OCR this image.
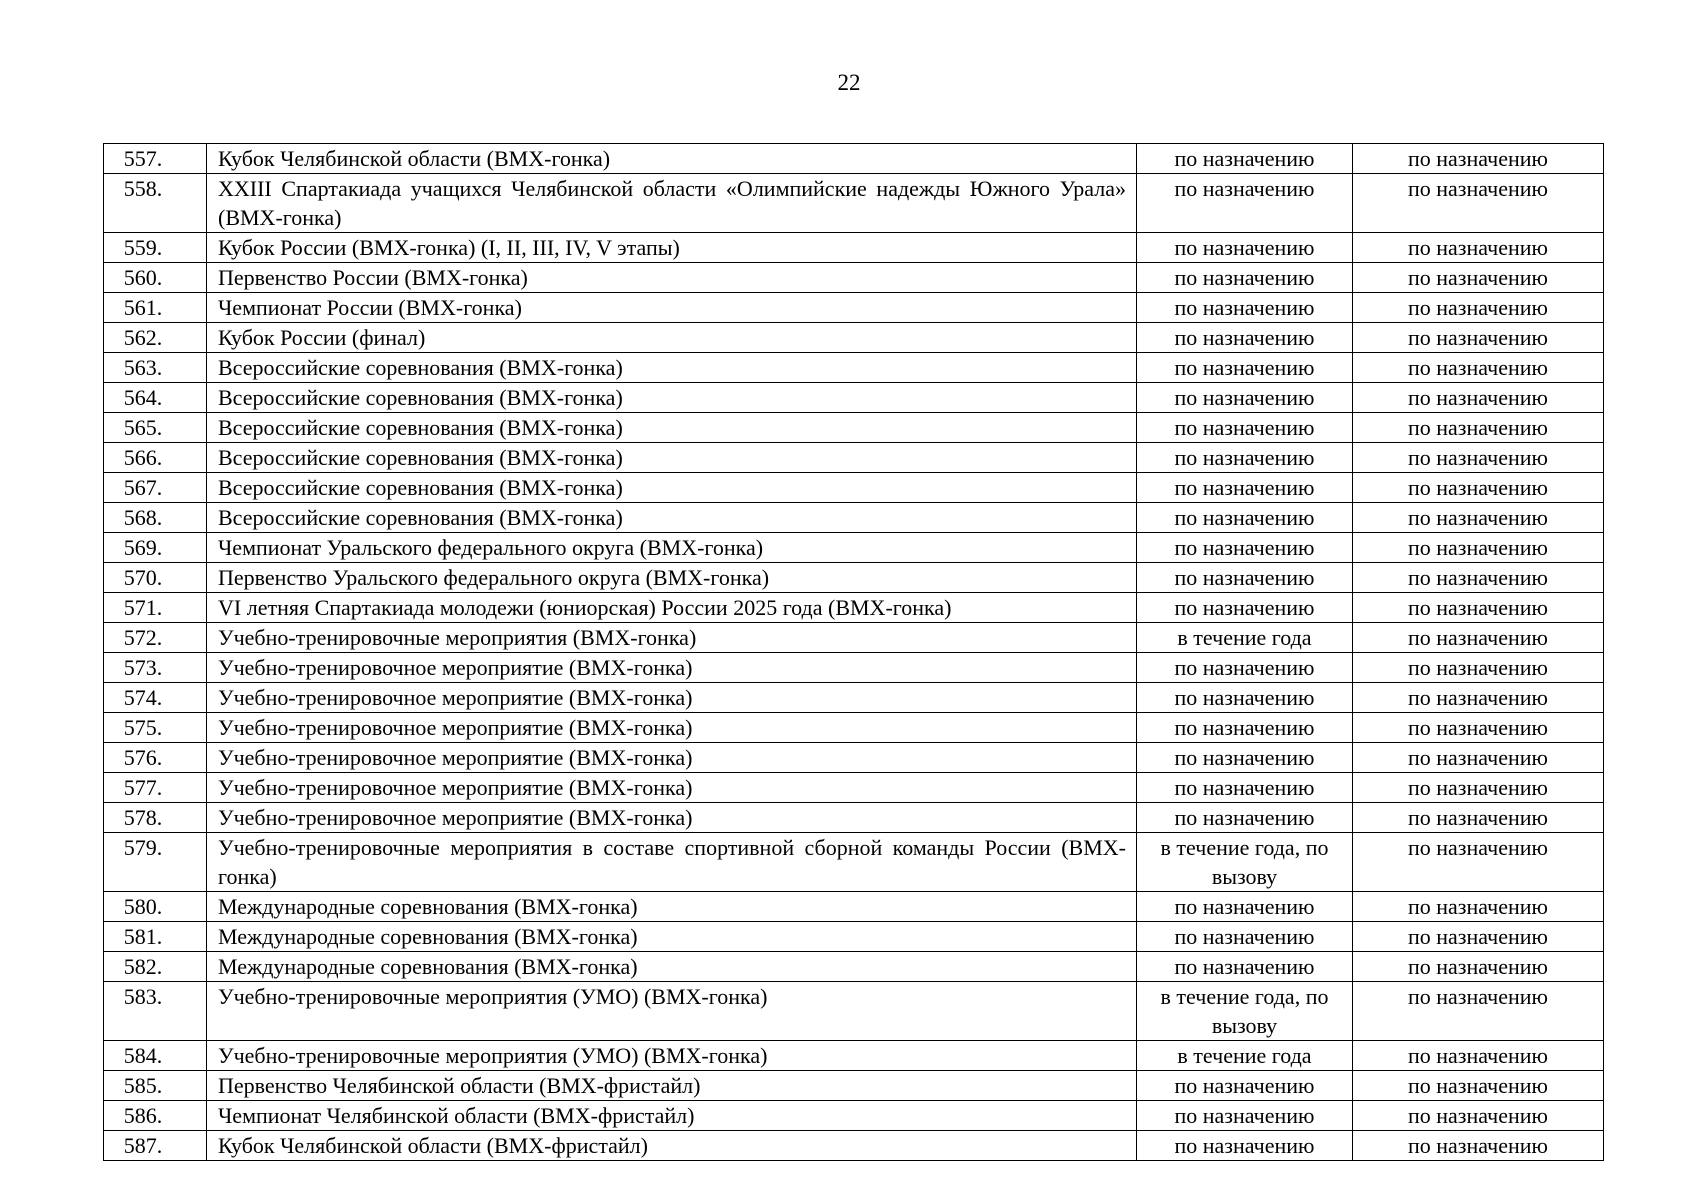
22
557.	Кубок Челябинской области (ВМХ-гонка)	по назначению	по назначению
558.	XXIII Спартакиада учащихся Челябинской области «Олимпийские надежды Южного Урала» (ВМХ-гонка)	по назначению	по назначению
559.	Кубок России (ВМХ-гонка) (I, II, III, IV, V этапы)	по назначению	по назначению
560.	Первенство России (ВМХ-гонка)	по назначению	по назначению
561.	Чемпионат России (ВМХ-гонка)	по назначению	по назначению
562.	Кубок России (финал)	по назначению	по назначению
563.	Всероссийские соревнования (ВМХ-гонка)	по назначению	по назначению
564.	Всероссийские соревнования (ВМХ-гонка)	по назначению	по назначению
565.	Всероссийские соревнования (ВМХ-гонка)	по назначению	по назначению
566.	Всероссийские соревнования (ВМХ-гонка)	по назначению	по назначению
567.	Всероссийские соревнования (ВМХ-гонка)	по назначению	по назначению
568.	Всероссийские соревнования (ВМХ-гонка)	по назначению	по назначению
569.	Чемпионат Уральского федерального округа (ВМХ-гонка)	по назначению	по назначению
570.	Первенство Уральского федерального округа (ВМХ-гонка)	по назначению	по назначению
571.	VI летняя Спартакиада молодежи (юниорская) России 2025 года (ВМХ-гонка)	по назначению	по назначению
572.	Учебно-тренировочные мероприятия (ВМХ-гонка)	в течение года	по назначению
573.	Учебно-тренировочное мероприятие (ВМХ-гонка)	по назначению	по назначению
574.	Учебно-тренировочное мероприятие (ВМХ-гонка)	по назначению	по назначению
575.	Учебно-тренировочное мероприятие (ВМХ-гонка)	по назначению	по назначению
576.	Учебно-тренировочное мероприятие (ВМХ-гонка)	по назначению	по назначению
577.	Учебно-тренировочное мероприятие (ВМХ-гонка)	по назначению	по назначению
578.	Учебно-тренировочное мероприятие (ВМХ-гонка)	по назначению	по назначению
579.	Учебно-тренировочные мероприятия в составе спортивной сборной команды России (ВМХ-гонка)	в течение года, по вызову	по назначению
580.	Международные соревнования (ВМХ-гонка)	по назначению	по назначению
581.	Международные соревнования (ВМХ-гонка)	по назначению	по назначению
582.	Международные соревнования (ВМХ-гонка)	по назначению	по назначению
583.	Учебно-тренировочные мероприятия (УМО) (ВМХ-гонка)	в течение года, по вызову	по назначению
584.	Учебно-тренировочные мероприятия (УМО) (ВМХ-гонка)	в течение года	по назначению
585.	Первенство Челябинской области (ВМХ-фристайл)	по назначению	по назначению
586.	Чемпионат Челябинской области (ВМХ-фристайл)	по назначению	по назначению
587.	Кубок Челябинской области (ВМХ-фристайл)	по назначению	по назначению
